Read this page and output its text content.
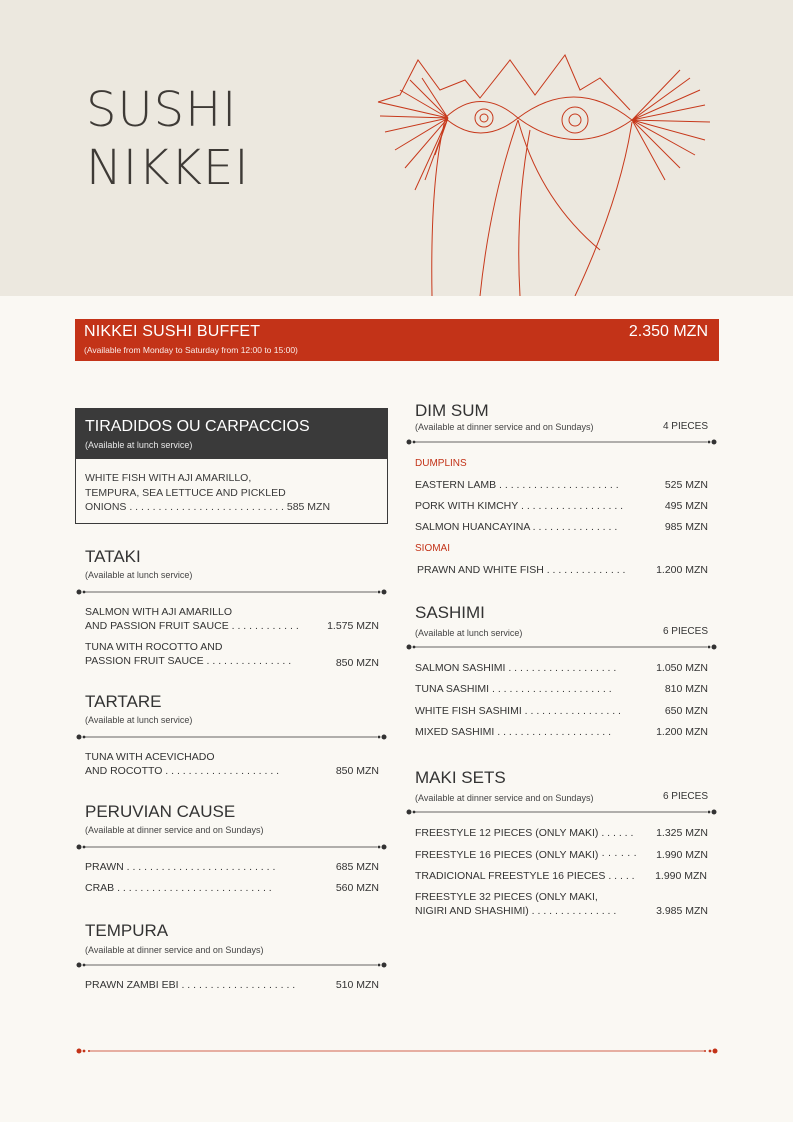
SUSHI
NIKKEI
NIKKEI SUSHI BUFFET	2.350 MZN
(Available from Monday to Saturday from 12:00 to 15:00)
TIRADIDOS OU CARPACCIOS
(Available at lunch service)
WHITE FISH WITH AJI AMARILLO,
TEMPURA, SEA LETTUCE AND PICKLED
ONIONS . . . . . . . . . . . . . . . . . . . . . . . . . . . 585 MZN
TATAKI
(Available at lunch service)
SALMON WITH AJI AMARILLO
AND PASSION FRUIT SAUCE . . . . . . . . . . . .	1.575 MZN
TUNA WITH ROCOTTO AND
PASSION FRUIT SAUCE . . . . . . . . . . . . . . .	850 MZN
TARTARE
(Available at lunch service)
TUNA WITH ACEVICHADO
AND ROCOTTO . . . . . . . . . . . . . . . . . . . .	850 MZN
PERUVIAN CAUSE
(Available at dinner service and on Sundays)
PRAWN . . . . . . . . . . . . . . . . . . . . . . . . . .	685 MZN
CRAB . . . . . . . . . . . . . . . . . . . . . . . . . . .	560 MZN
TEMPURA
(Available at dinner service and on Sundays)
PRAWN ZAMBI EBI . . . . . . . . . . . . . . . . . . . .	510 MZN
DIM SUM
(Available at dinner service and on Sundays)	4 PIECES
DUMPLINS
EASTERN LAMB . . . . . . . . . . . . . . . . . . . . .	525 MZN
PORK WITH KIMCHY . . . . . . . . . . . . . . . . . .	495 MZN
SALMON HUANCAYINA . . . . . . . . . . . . . . .	985 MZN
SIOMAI
PRAWN AND WHITE FISH . . . . . . . . . . . . . .	1.200 MZN
SASHIMI
(Available at lunch service)	6 PIECES
SALMON SASHIMI . . . . . . . . . . . . . . . . . . .	1.050 MZN
TUNA SASHIMI . . . . . . . . . . . . . . . . . . . . .	810 MZN
WHITE FISH SASHIMI . . . . . . . . . . . . . . . . .	650 MZN
MIXED SASHIMI . . . . . . . . . . . . . . . . . . . .	1.200 MZN
MAKI SETS
(Available at dinner service and on Sundays)	6 PIECES
FREESTYLE 12 PIECES (ONLY MAKI) . . . . . .	1.325 MZN
FREESTYLE 16 PIECES (ONLY MAKI) · · · · · ·	1.990 MZN
TRADICIONAL FREESTYLE 16 PIECES . . . . .	1.990 MZN
FREESTYLE 32 PIECES (ONLY MAKI,
NIGIRI AND SHASHIMI) . . . . . . . . . . . . . . .	3.985 MZN
